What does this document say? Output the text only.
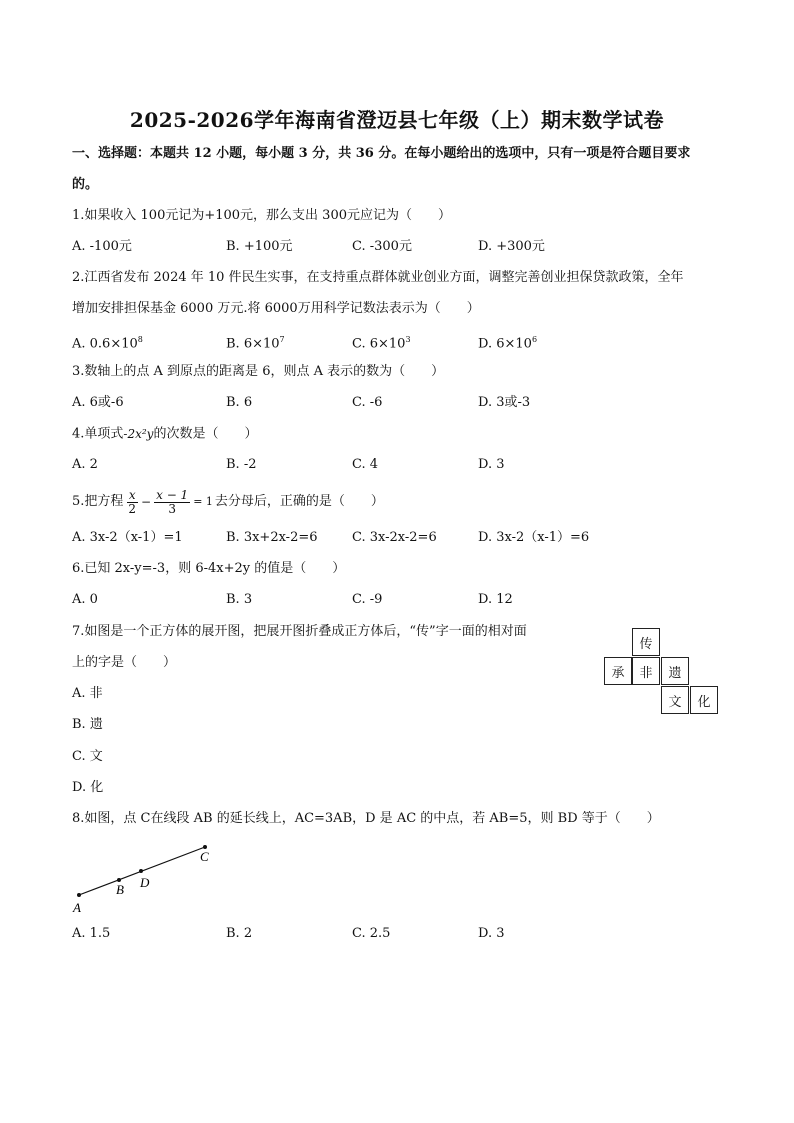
2025-2026学年海南省澄迈县七年级（上）期末数学试卷
一、选择题：本题共 12 小题，每小题 3 分，共 36 分。在每小题给出的选项中，只有一项是符合题目要求
的。
1.如果收入 100元记为+100元，那么支出 300元应记为（　　）
A. -100元	B. +100元	C. -300元	D. +300元
2.江西省发布 2024 年 10 件民生实事，在支持重点群体就业创业方面，调整完善创业担保贷款政策，全年
增加安排担保基金 6000 万元.将 6000万用科学记数法表示为（　　）
A. $0.6\times 10^8$	B. $6\times 10^7$	C. $6\times 10^3$	D. $6\times 10^6$
3.数轴上的点 A 到原点的距离是 6，则点 A 表示的数为（　　）
A. 6或-6	B. 6	C. -6	D. 3或-3
4.单项式-2x²y的次数是（　　）
A. 2	B. -2	C. 4	D. 3
5.把方程 $\frac{x}{2} - \frac{x - 1}{3} = 1$ 去分母后，正确的是（　　）
A. 3x-2（x-1）=1	B. 3x+2x-2=6	C. 3x-2x-2=6	D. 3x-2（x-1）=6
6.已知 2x-y=-3，则 6-4x+2y 的值是（　　）
A. 0	B. 3	C. -9	D. 12
7.如图是一个正方体的展开图，把展开图折叠成正方体后，“传”字一面的相对面
上的字是（　　）
A. 非
B. 遗
C. 文
D. 化
传
承	非	遗
文	化
8.如图，点 C在线段 AB 的延长线上，AC=3AB，D 是 AC 的中点，若 AB=5，则 BD 等于（　　）
A
B D
C
A. 1.5	B. 2	C. 2.5	D. 3
